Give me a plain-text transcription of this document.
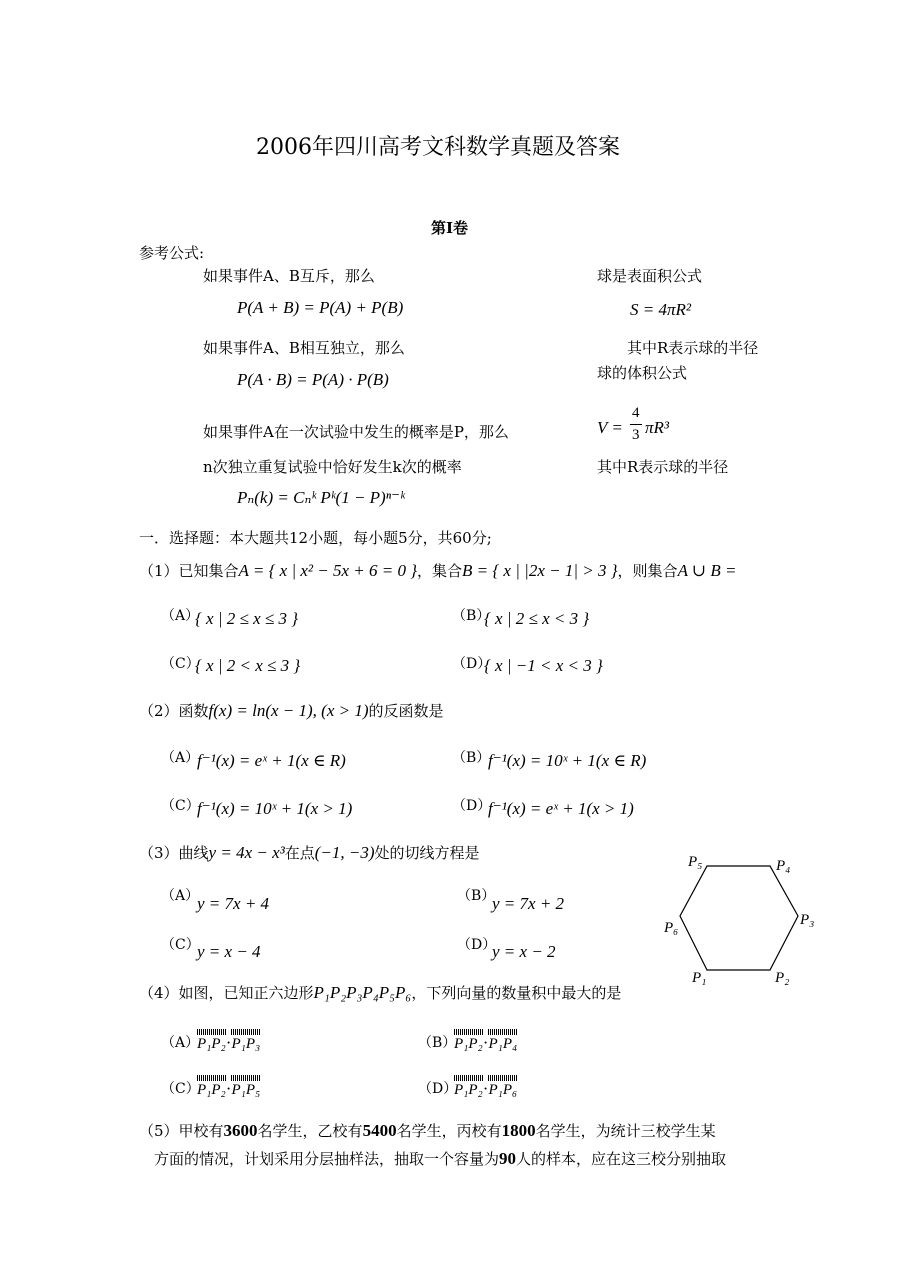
2006年四川高考文科数学真题及答案
第Ⅰ卷
参考公式:
如果事件A、B互斥，那么
P(A + B) = P(A) + P(B)
如果事件A、B相互独立，那么
P(A · B) = P(A) · P(B)
如果事件A在一次试验中发生的概率是P，那么
n次独立重复试验中恰好发生k次的概率
Pₙ(k) = Cₙᵏ Pᵏ(1 − P)ⁿ⁻ᵏ
球是表面积公式
S = 4πR²
其中R表示球的半径
球的体积公式
V =
4
3 πR³
其中R表示球的半径
一．选择题：本大题共12小题，每小题5分，共60分;
（1）已知集合A = { x | x² − 5x + 6 = 0 }，集合B = { x | |2x − 1| > 3 }，则集合A ∪ B =
（A）
{ x | 2 ≤ x ≤ 3 }	（B）
{ x | 2 ≤ x < 3 }
（C）
{ x | 2 < x ≤ 3 }	（D）
{ x | −1 < x < 3 }
（2）函数f(x) = ln(x − 1), (x > 1)的反函数是
（A）
f⁻¹(x) = eˣ + 1(x ∈ R)	（B）
f⁻¹(x) = 10ˣ + 1(x ∈ R)
（C）
f⁻¹(x) = 10ˣ + 1(x > 1)	（D）
f⁻¹(x) = eˣ + 1(x > 1)
（3）曲线y = 4x − x³在点(−1, −3)处的切线方程是
（A）
y = 7x + 4	（B）
y = 7x + 2
（C）
y = x − 4	（D）
y = x − 2
P₅	P₄
P₃
P₆
P₁	P₂
（4）如图，已知正六边形P₁P₂P₃P₄P₅P₆，下列向量的数量积中最大的是
（A）
P₁P₂·P₁P₃	（B）
P₁P₂·P₁P₄
（C）
P₁P₂·P₁P₅	（D）
P₁P₂·P₁P₆
（5）甲校有3600名学生，乙校有5400名学生，丙校有1800名学生，为统计三校学生某
方面的情况，计划采用分层抽样法，抽取一个容量为90人的样本，应在这三校分别抽取
